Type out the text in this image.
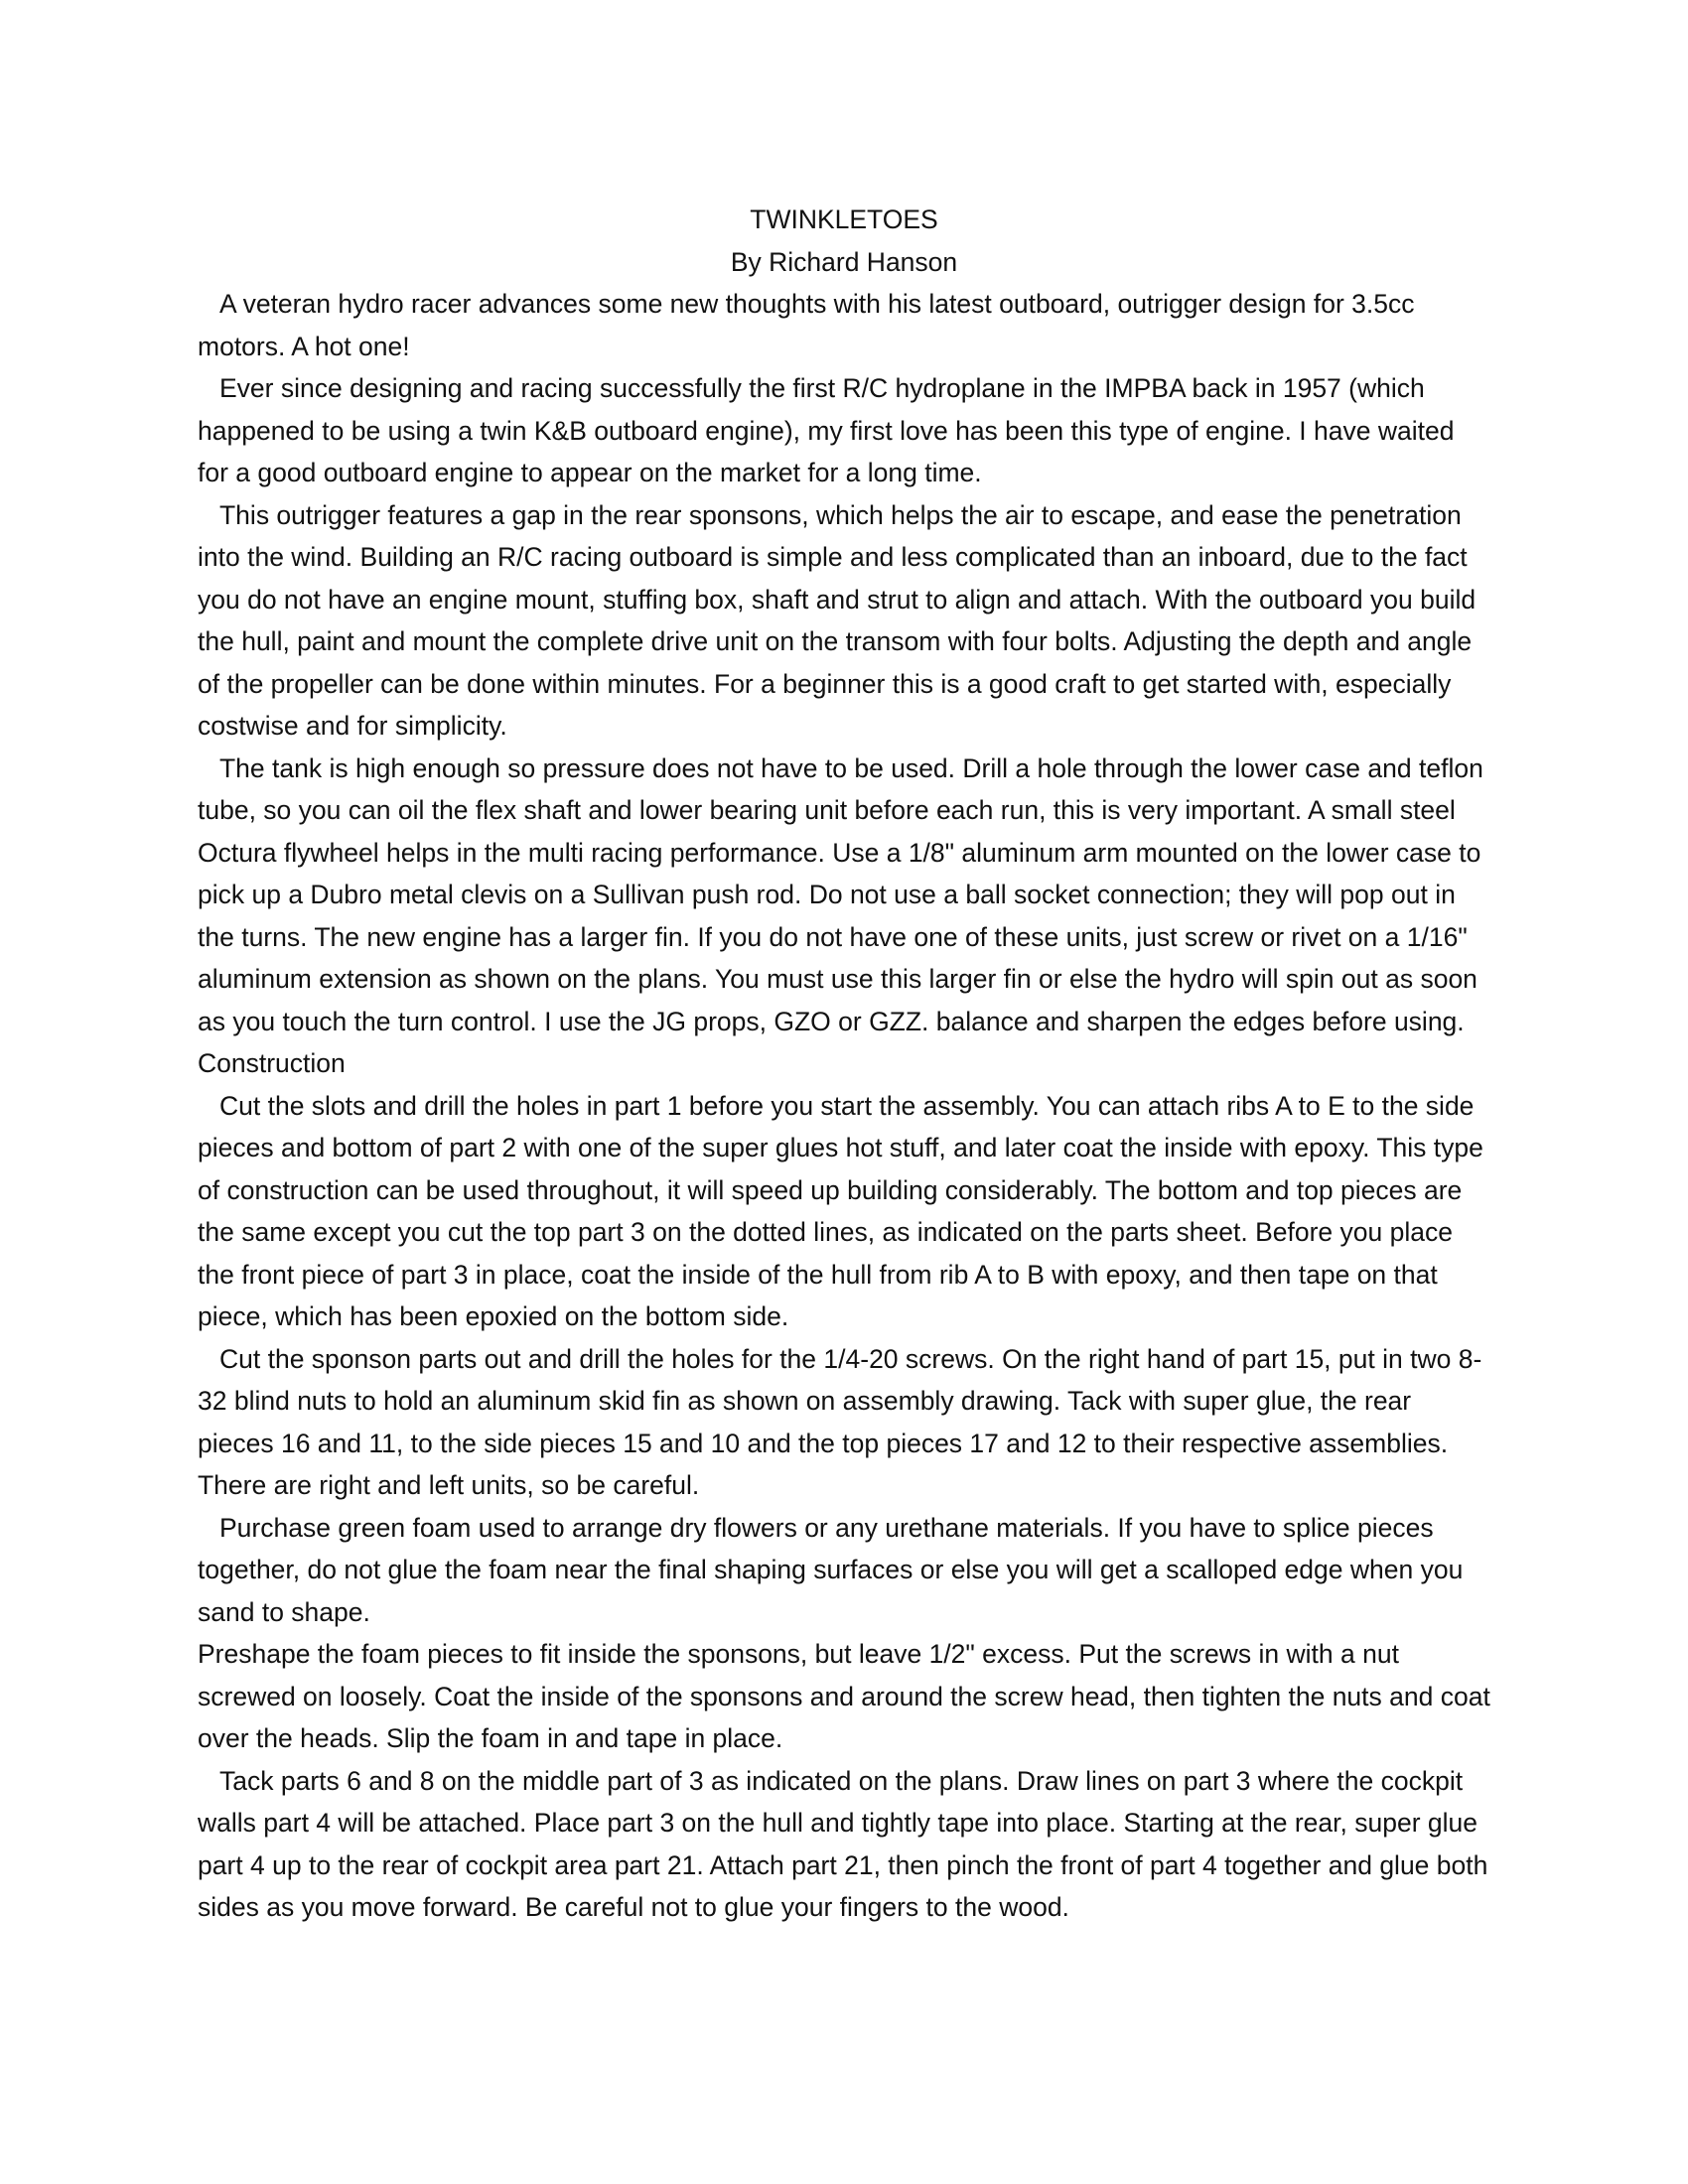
TWINKLETOES

By Richard Hanson

A veteran hydro racer advances some new thoughts with his latest outboard, outrigger design for 3.5cc motors. A hot one!

Ever since designing and racing successfully the first R/C hydroplane in the IMPBA back in 1957 (which happened to be using a twin K&B outboard engine), my first love has been this type of engine. I have waited for a good outboard engine to appear on the market for a long time.

This outrigger features a gap in the rear sponsons, which helps the air to escape, and ease the penetration into the wind. Building an R/C racing outboard is simple and less complicated than an inboard, due to the fact you do not have an engine mount, stuffing box, shaft and strut to align and attach. With the outboard you build the hull, paint and mount the complete drive unit on the transom with four bolts. Adjusting the depth and angle of the propeller can be done within minutes. For a beginner this is a good craft to get started with, especially costwise and for simplicity.

The tank is high enough so pressure does not have to be used. Drill a hole through the lower case and teflon tube, so you can oil the flex shaft and lower bearing unit before each run, this is very important. A small steel Octura flywheel helps in the multi racing performance. Use a 1/8" aluminum arm mounted on the lower case to pick up a Dubro metal clevis on a Sullivan push rod. Do not use a ball socket connection; they will pop out in the turns. The new engine has a larger fin. If you do not have one of these units, just screw or rivet on a 1/16" aluminum extension as shown on the plans. You must use this larger fin or else the hydro will spin out as soon as you touch the turn control. I use the JG props, GZO or GZZ. balance and sharpen the edges before using.

Construction

Cut the slots and drill the holes in part 1 before you start the assembly. You can attach ribs A to E to the side pieces and bottom of part 2 with one of the super glues hot stuff, and later coat the inside with epoxy. This type of construction can be used throughout, it will speed up building considerably. The bottom and top pieces are the same except you cut the top part 3 on the dotted lines, as indicated on the parts sheet. Before you place the front piece of part 3 in place, coat the inside of the hull from rib A to B with epoxy, and then tape on that piece, which has been epoxied on the bottom side.

Cut the sponson parts out and drill the holes for the 1/4-20 screws. On the right hand of part 15, put in two 8-32 blind nuts to hold an aluminum skid fin as shown on assembly drawing. Tack with super glue, the rear pieces 16 and 11, to the side pieces 15 and 10 and the top pieces 17 and 12 to their respective assemblies. There are right and left units, so be careful.

Purchase green foam used to arrange dry flowers or any urethane materials. If you have to splice pieces together, do not glue the foam near the final shaping surfaces or else you will get a scalloped edge when you sand to shape.

Preshape the foam pieces to fit inside the sponsons, but leave 1/2" excess. Put the screws in with a nut screwed on loosely. Coat the inside of the sponsons and around the screw head, then tighten the nuts and coat over the heads. Slip the foam in and tape in place.

Tack parts 6 and 8 on the middle part of 3 as indicated on the plans. Draw lines on part 3 where the cockpit walls part 4 will be attached. Place part 3 on the hull and tightly tape into place. Starting at the rear, super glue part 4 up to the rear of cockpit area part 21. Attach part 21, then pinch the front of part 4 together and glue both sides as you move forward. Be careful not to glue your fingers to the wood.
